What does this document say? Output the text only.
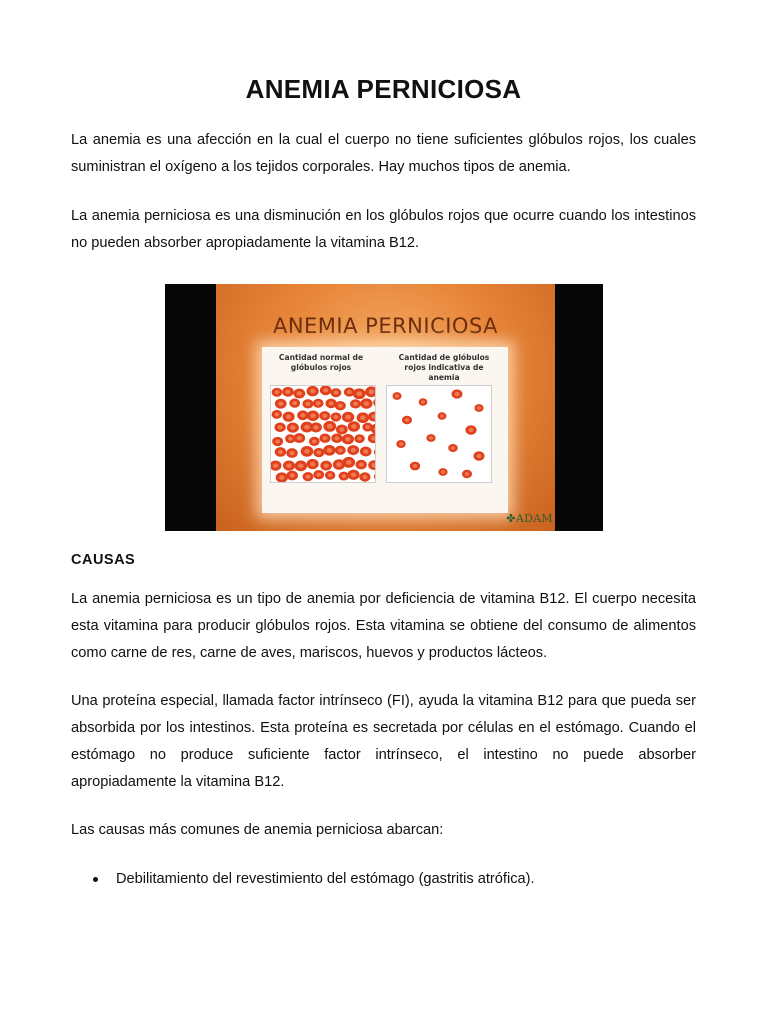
ANEMIA PERNICIOSA

La anemia es una afección en la cual el cuerpo no tiene suficientes glóbulos rojos, los cuales suministran el oxígeno a los tejidos corporales. Hay muchos tipos de anemia.

La anemia perniciosa es una disminución en los glóbulos rojos que ocurre cuando los intestinos no pueden absorber apropiadamente la vitamina B12.

ANEMIA PERNICIOSA

Cantidad normal de glóbulos rojos

Cantidad de glóbulos rojos indicativa de anemia

✤ADAM
CAUSAS

La anemia perniciosa es un tipo de anemia por deficiencia de vitamina B12. El cuerpo necesita esta vitamina para producir glóbulos rojos. Esta vitamina se obtiene del consumo de alimentos como carne de res, carne de aves, mariscos, huevos y productos lácteos.

Una proteína especial, llamada factor intrínseco (FI), ayuda la vitamina B12 para que pueda ser absorbida por los intestinos. Esta proteína es secretada por células en el estómago. Cuando el estómago no produce suficiente factor intrínseco, el intestino no puede absorber apropiadamente la vitamina B12.

Las causas más comunes de anemia perniciosa abarcan:

Debilitamiento del revestimiento del estómago (gastritis atrófica).
